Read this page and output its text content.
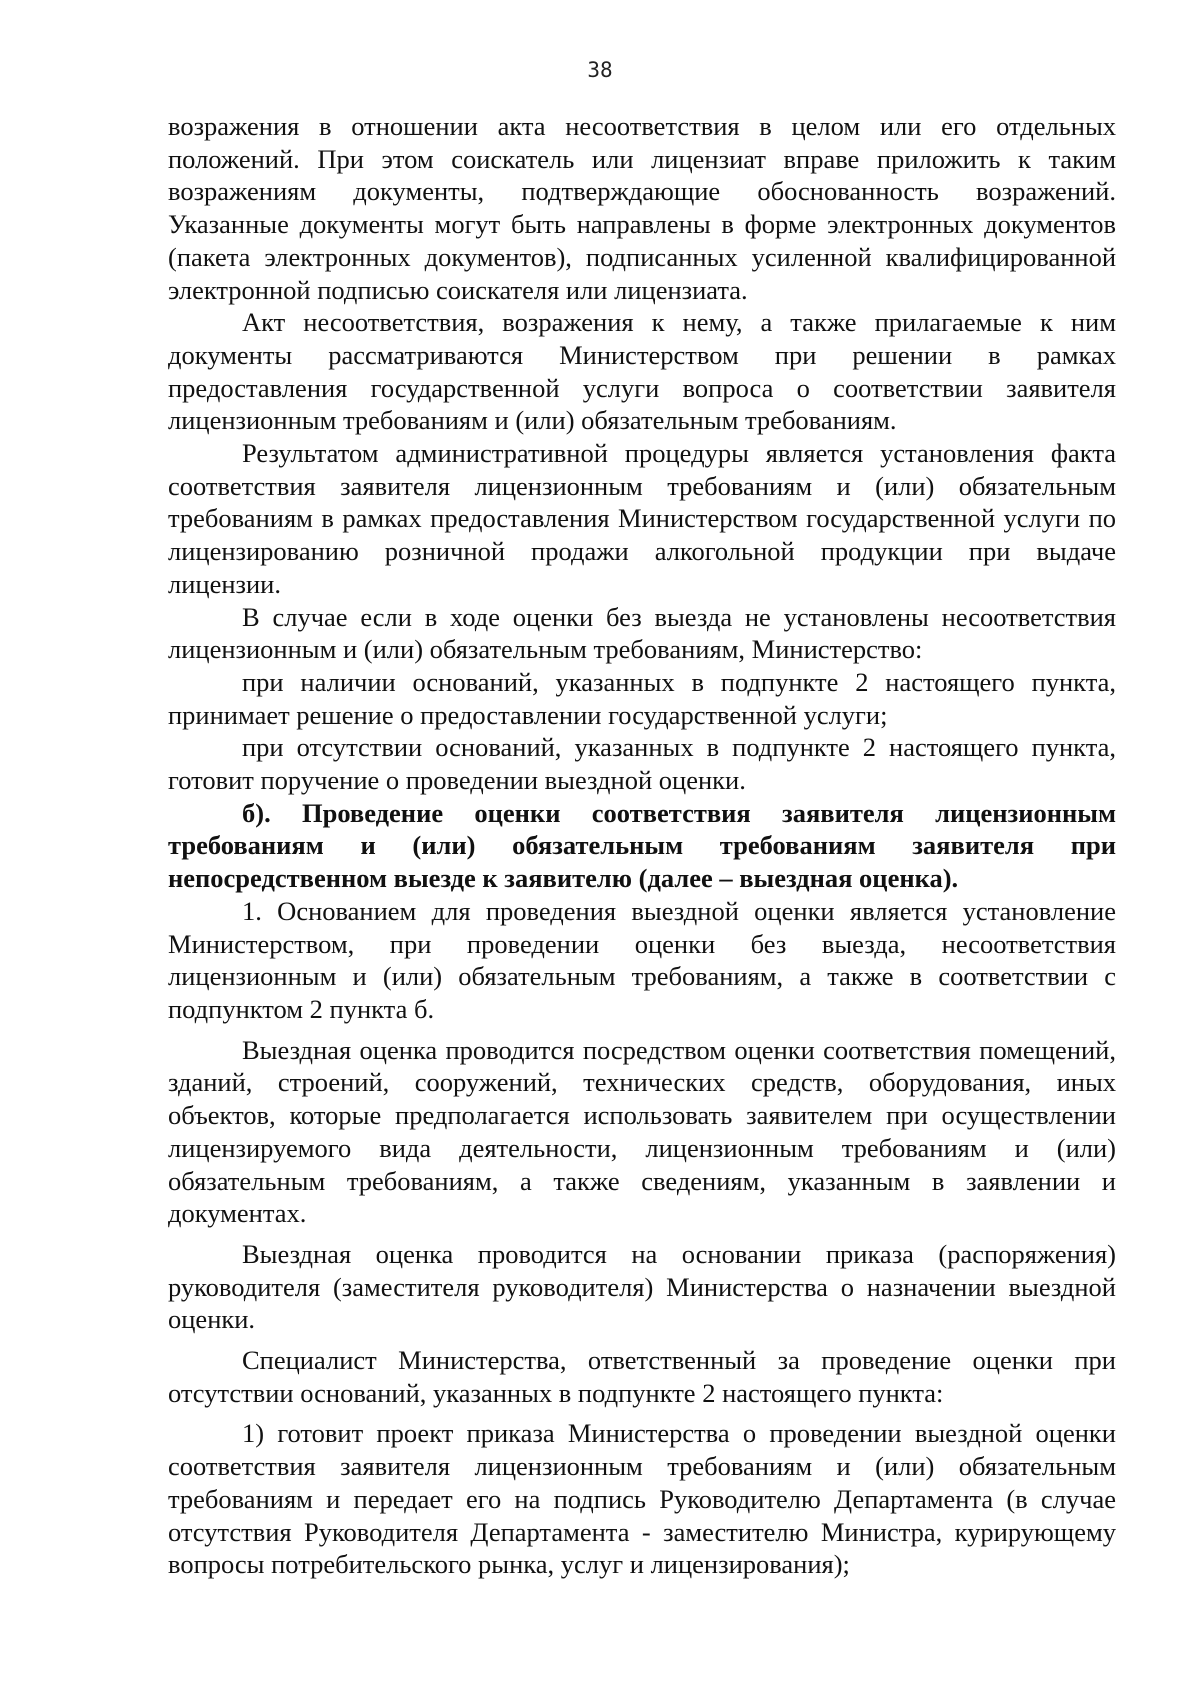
38

возражения в отношении акта несоответствия в целом или его отдельных положений. При этом соискатель или лицензиат вправе приложить к таким возражениям документы, подтверждающие обоснованность возражений. Указанные документы могут быть направлены в форме электронных документов (пакета электронных документов), подписанных усиленной квалифицированной электронной подписью соискателя или лицензиата.

Акт несоответствия, возражения к нему, а также прилагаемые к ним документы рассматриваются Министерством при решении в рамках предоставления государственной услуги вопроса о соответствии заявителя лицензионным требованиям и (или) обязательным требованиям.

Результатом административной процедуры является установления факта соответствия заявителя лицензионным требованиям и (или) обязательным требованиям в рамках предоставления Министерством государственной услуги по лицензированию розничной продажи алкогольной продукции при выдаче лицензии.

В случае если в ходе оценки без выезда не установлены несоответствия лицензионным и (или) обязательным требованиям, Министерство:

при наличии оснований, указанных в подпункте 2 настоящего пункта, принимает решение о предоставлении государственной услуги;

при отсутствии оснований, указанных в подпункте 2 настоящего пункта, готовит поручение о проведении выездной оценки.

б). Проведение оценки соответствия заявителя лицензионным требованиям и (или) обязательным требованиям заявителя при непосредственном выезде к заявителю (далее – выездная оценка).

1. Основанием для проведения выездной оценки является установление Министерством, при проведении оценки без выезда, несоответствия лицензионным и (или) обязательным требованиям, а также в соответствии с подпунктом 2 пункта б.

Выездная оценка проводится посредством оценки соответствия помещений, зданий, строений, сооружений, технических средств, оборудования, иных объектов, которые предполагается использовать заявителем при осуществлении лицензируемого вида деятельности, лицензионным требованиям и (или) обязательным требованиям, а также сведениям, указанным в заявлении и документах.

Выездная оценка проводится на основании приказа (распоряжения) руководителя (заместителя руководителя) Министерства о назначении выездной оценки.

Специалист Министерства, ответственный за проведение оценки при отсутствии оснований, указанных в подпункте 2 настоящего пункта:

1) готовит проект приказа Министерства о проведении выездной оценки соответствия заявителя лицензионным требованиям и (или) обязательным требованиям и передает его на подпись Руководителю Департамента (в случае отсутствия Руководителя Департамента - заместителю Министра, курирующему вопросы потребительского рынка, услуг и лицензирования);
